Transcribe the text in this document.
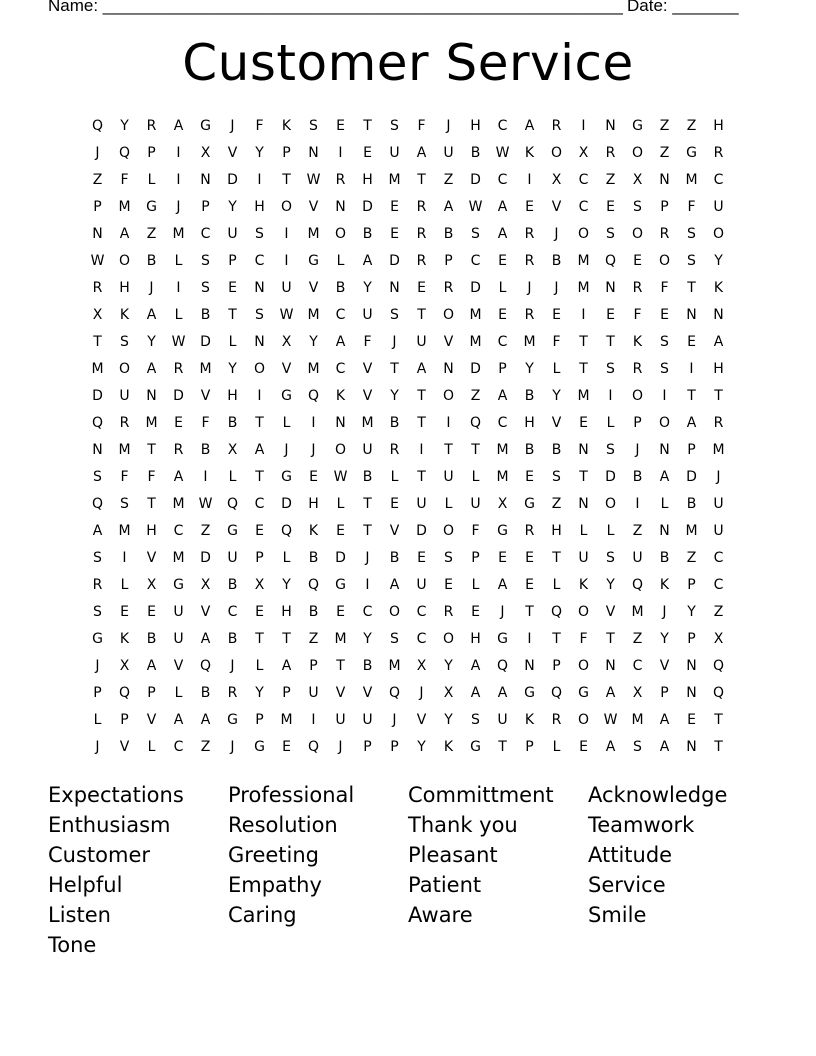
Name: _______________________________________________________ Date: _______
Customer Service
Q	Y	R	A	G	J	F	K	S	E	T	S	F	J	H	C	A	R	I	N	G	Z	Z	H
J	Q	P	I	X	V	Y	P	N	I	E	U	A	U	B	W	K	O	X	R	O	Z	G	R
Z	F	L	I	N	D	I	T	W	R	H	M	T	Z	D	C	I	X	C	Z	X	N	M	C
P	M	G	J	P	Y	H	O	V	N	D	E	R	A	W	A	E	V	C	E	S	P	F	U
N	A	Z	M	C	U	S	I	M	O	B	E	R	B	S	A	R	J	O	S	O	R	S	O
W	O	B	L	S	P	C	I	G	L	A	D	R	P	C	E	R	B	M	Q	E	O	S	Y
R	H	J	I	S	E	N	U	V	B	Y	N	E	R	D	L	J	J	M	N	R	F	T	K
X	K	A	L	B	T	S	W	M	C	U	S	T	O	M	E	R	E	I	E	F	E	N	N
T	S	Y	W	D	L	N	X	Y	A	F	J	U	V	M	C	M	F	T	T	K	S	E	A
M	O	A	R	M	Y	O	V	M	C	V	T	A	N	D	P	Y	L	T	S	R	S	I	H
D	U	N	D	V	H	I	G	Q	K	V	Y	T	O	Z	A	B	Y	M	I	O	I	T	T
Q	R	M	E	F	B	T	L	I	N	M	B	T	I	Q	C	H	V	E	L	P	O	A	R
N	M	T	R	B	X	A	J	J	O	U	R	I	T	T	M	B	B	N	S	J	N	P	M
S	F	F	A	I	L	T	G	E	W	B	L	T	U	L	M	E	S	T	D	B	A	D	J
Q	S	T	M	W	Q	C	D	H	L	T	E	U	L	U	X	G	Z	N	O	I	L	B	U
A	M	H	C	Z	G	E	Q	K	E	T	V	D	O	F	G	R	H	L	L	Z	N	M	U
S	I	V	M	D	U	P	L	B	D	J	B	E	S	P	E	E	T	U	S	U	B	Z	C
R	L	X	G	X	B	X	Y	Q	G	I	A	U	E	L	A	E	L	K	Y	Q	K	P	C
S	E	E	U	V	C	E	H	B	E	C	O	C	R	E	J	T	Q	O	V	M	J	Y	Z
G	K	B	U	A	B	T	T	Z	M	Y	S	C	O	H	G	I	T	F	T	Z	Y	P	X
J	X	A	V	Q	J	L	A	P	T	B	M	X	Y	A	Q	N	P	O	N	C	V	N	Q
P	Q	P	L	B	R	Y	P	U	V	V	Q	J	X	A	A	G	Q	G	A	X	P	N	Q
L	P	V	A	A	G	P	M	I	U	U	J	V	Y	S	U	K	R	O	W	M	A	E	T
J	V	L	C	Z	J	G	E	Q	J	P	P	Y	K	G	T	P	L	E	A	S	A	N	T
Expectations	Professional	Committment	Acknowledge
Enthusiasm	Resolution	Thank you	Teamwork
Customer	Greeting	Pleasant	Attitude
Helpful	Empathy	Patient	Service
Listen	Caring	Aware	Smile
Tone
